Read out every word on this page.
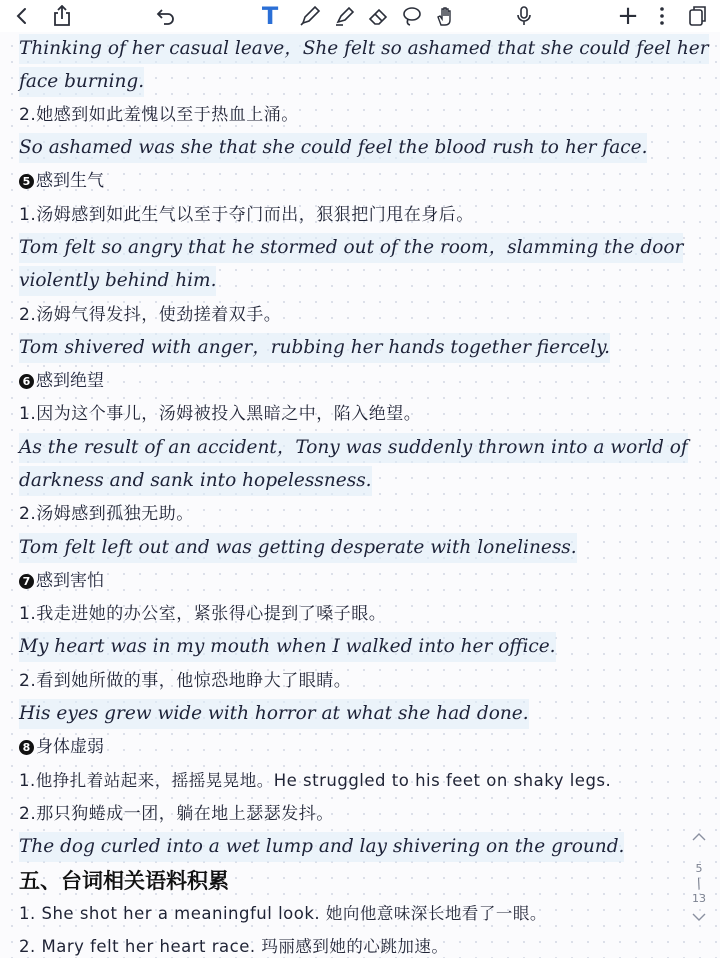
T	+
Thinking of her casual leave，She felt so ashamed that she could feel her
face burning.
2.她感到如此羞愧以至于热血上涌。
So ashamed was she that she could feel the blood rush to her face.
5 感到生气
1.汤姆感到如此生气以至于夺门而出，狠狠把门甩在身后。
Tom felt so angry that he stormed out of the room，slamming the door
violently behind him.
2.汤姆气得发抖，使劲搓着双手。
Tom shivered with anger，rubbing her hands together fiercely.
6 感到绝望
1.因为这个事儿，汤姆被投入黑暗之中，陷入绝望。
As the result of an accident，Tony was suddenly thrown into a world of
darkness and sank into hopelessness.
2.汤姆感到孤独无助。
Tom felt left out and was getting desperate with loneliness.
7 感到害怕
1.我走进她的办公室，紧张得心提到了嗓子眼。
My heart was in my mouth when I walked into her office.
2.看到她所做的事，他惊恐地睁大了眼睛。
His eyes grew wide with horror at what she had done.
8 身体虚弱
1.他挣扎着站起来，摇摇晃晃地。He struggled to his feet on shaky legs.
2.那只狗蜷成一团，躺在地上瑟瑟发抖。
The dog curled into a wet lump and lay shivering on the ground.
五、台词相关语料积累
1. She shot her a meaningful look. 她向他意味深长地看了一眼。
2. Mary felt her heart race. 玛丽感到她的心跳加速。
5
/
13
